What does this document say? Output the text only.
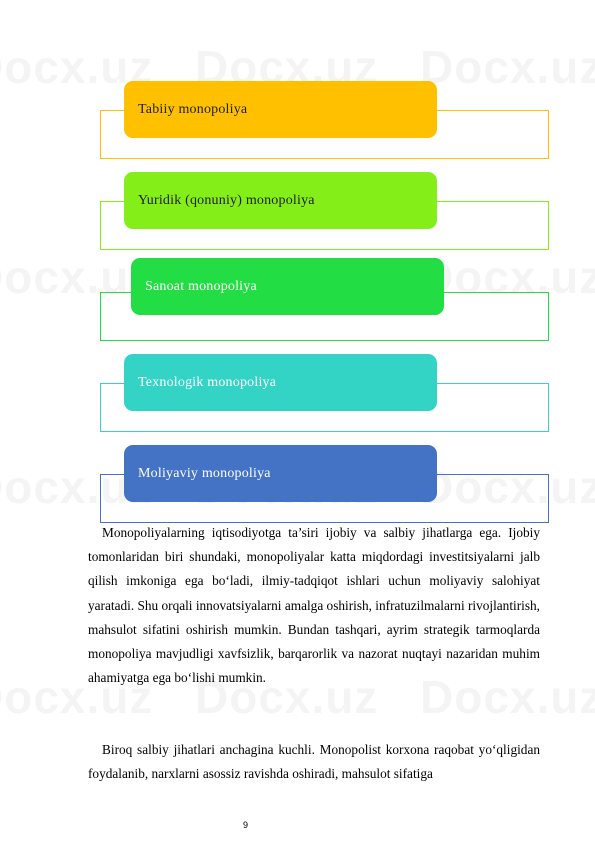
Tabiiy monopoliya
Yuridik (qonuniy) monopoliya
Sanoat monopoliya
Texnologik monopoliya
Moliyaviy monopoliya

Monopoliyalarning iqtisodiyotga ta’siri ijobiy va salbiy jihatlarga ega. Ijobiy tomonlaridan biri shundaki, monopoliyalar katta miqdordagi investitsiyalarni jalb qilish imkoniga ega bo‘ladi, ilmiy-tadqiqot ishlari uchun moliyaviy salohiyat yaratadi. Shu orqali innovatsiyalarni amalga oshirish, infratuzilmalarni rivojlantirish, mahsulot sifatini oshirish mumkin. Bundan tashqari, ayrim strategik tarmoqlarda monopoliya mavjudligi xavfsizlik, barqarorlik va nazorat nuqtayi nazaridan muhim ahamiyatga ega bo‘lishi mumkin.

Biroq salbiy jihatlari anchagina kuchli. Monopolist korxona raqobat yo‘qligidan foydalanib, narxlarni asossiz ravishda oshiradi, mahsulot sifatiga

9
